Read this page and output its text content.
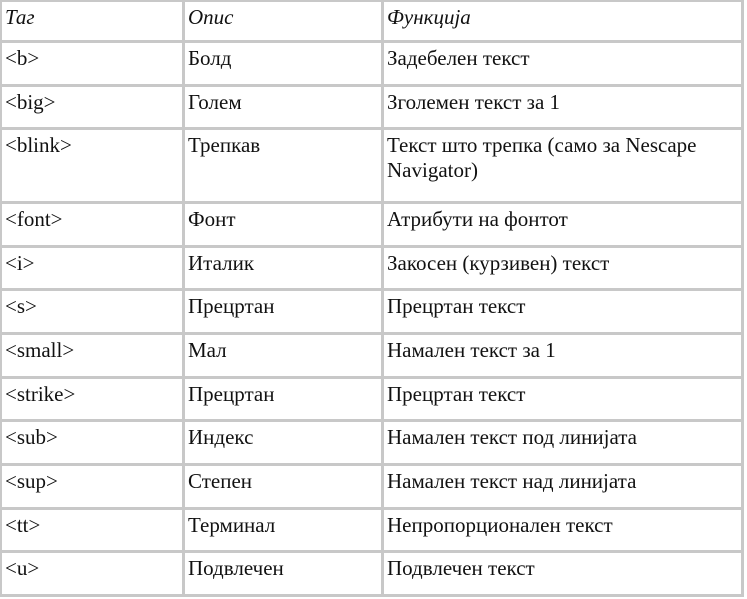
Таг	Опис	Функција
<b>	Болд	Задебелен текст
<big>	Голем	Зголемен текст за 1
<blink>	Трепкав	Текст што трепка (само за Nescape Navigator)
<font>	Фонт	Атрибути на фонтот
<i>	Италик	Закосен (курзивен) текст
<s>	Прецртан	Прецртан текст
<small>	Мал	Намален текст за 1
<strike>	Прецртан	Прецртан текст
<sub>	Индекс	Намален текст под линијата
<sup>	Степен	Намален текст над линијата
<tt>	Терминал	Непропорционален текст
<u>	Подвлечен	Подвлечен текст
